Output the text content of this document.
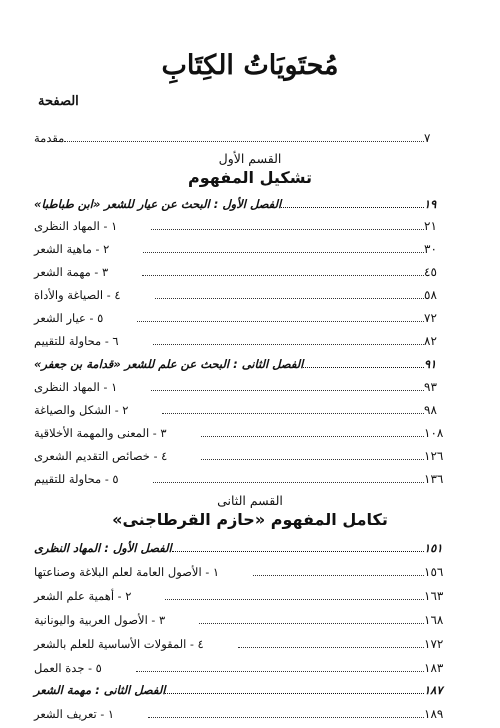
مُحتَويَاتُ الكِتَابِ
الصفحة
مقدمة	٧
القسم الأول
تشكيل المفهوم
الفصل الأول : البحث عن عيار للشعر «ابن طباطبا»	١٩
١ - المهاد النظرى	٢١
٢ - ماهية الشعر	٣٠
٣ - مهمة الشعر	٤٥
٤ - الصياغة والأداة	٥٨
٥ - عيار الشعر	٧٢
٦ - محاولة للتقييم	٨٢
الفصل الثانى : البحث عن علم للشعر «قدامة بن جعفر»	٩١
١ - المهاد النظرى	٩٣
٢ - الشكل والصياغة	٩٨
٣ - المعنى والمهمة الأخلاقية	١٠٨
٤ - خصائص التقديم الشعرى	١٢٦
٥ - محاولة للتقييم	١٣٦
القسم الثانى
تكامل المفهوم «حازم القرطاجنى»
الفصل الأول : المهاد النظرى	١٥١
١ - الأصول العامة لعلم البلاغة وصناعتها	١٥٦
٢ - أهمية علم الشعر	١٦٣
٣ - الأصول العربية واليونانية	١٦٨
٤ - المقولات الأساسية للعلم بالشعر	١٧٢
٥ - جدة العمل	١٨٣
الفصل الثانى : مهمة الشعر	١٨٧
١ - تعريف الشعر	١٨٩
